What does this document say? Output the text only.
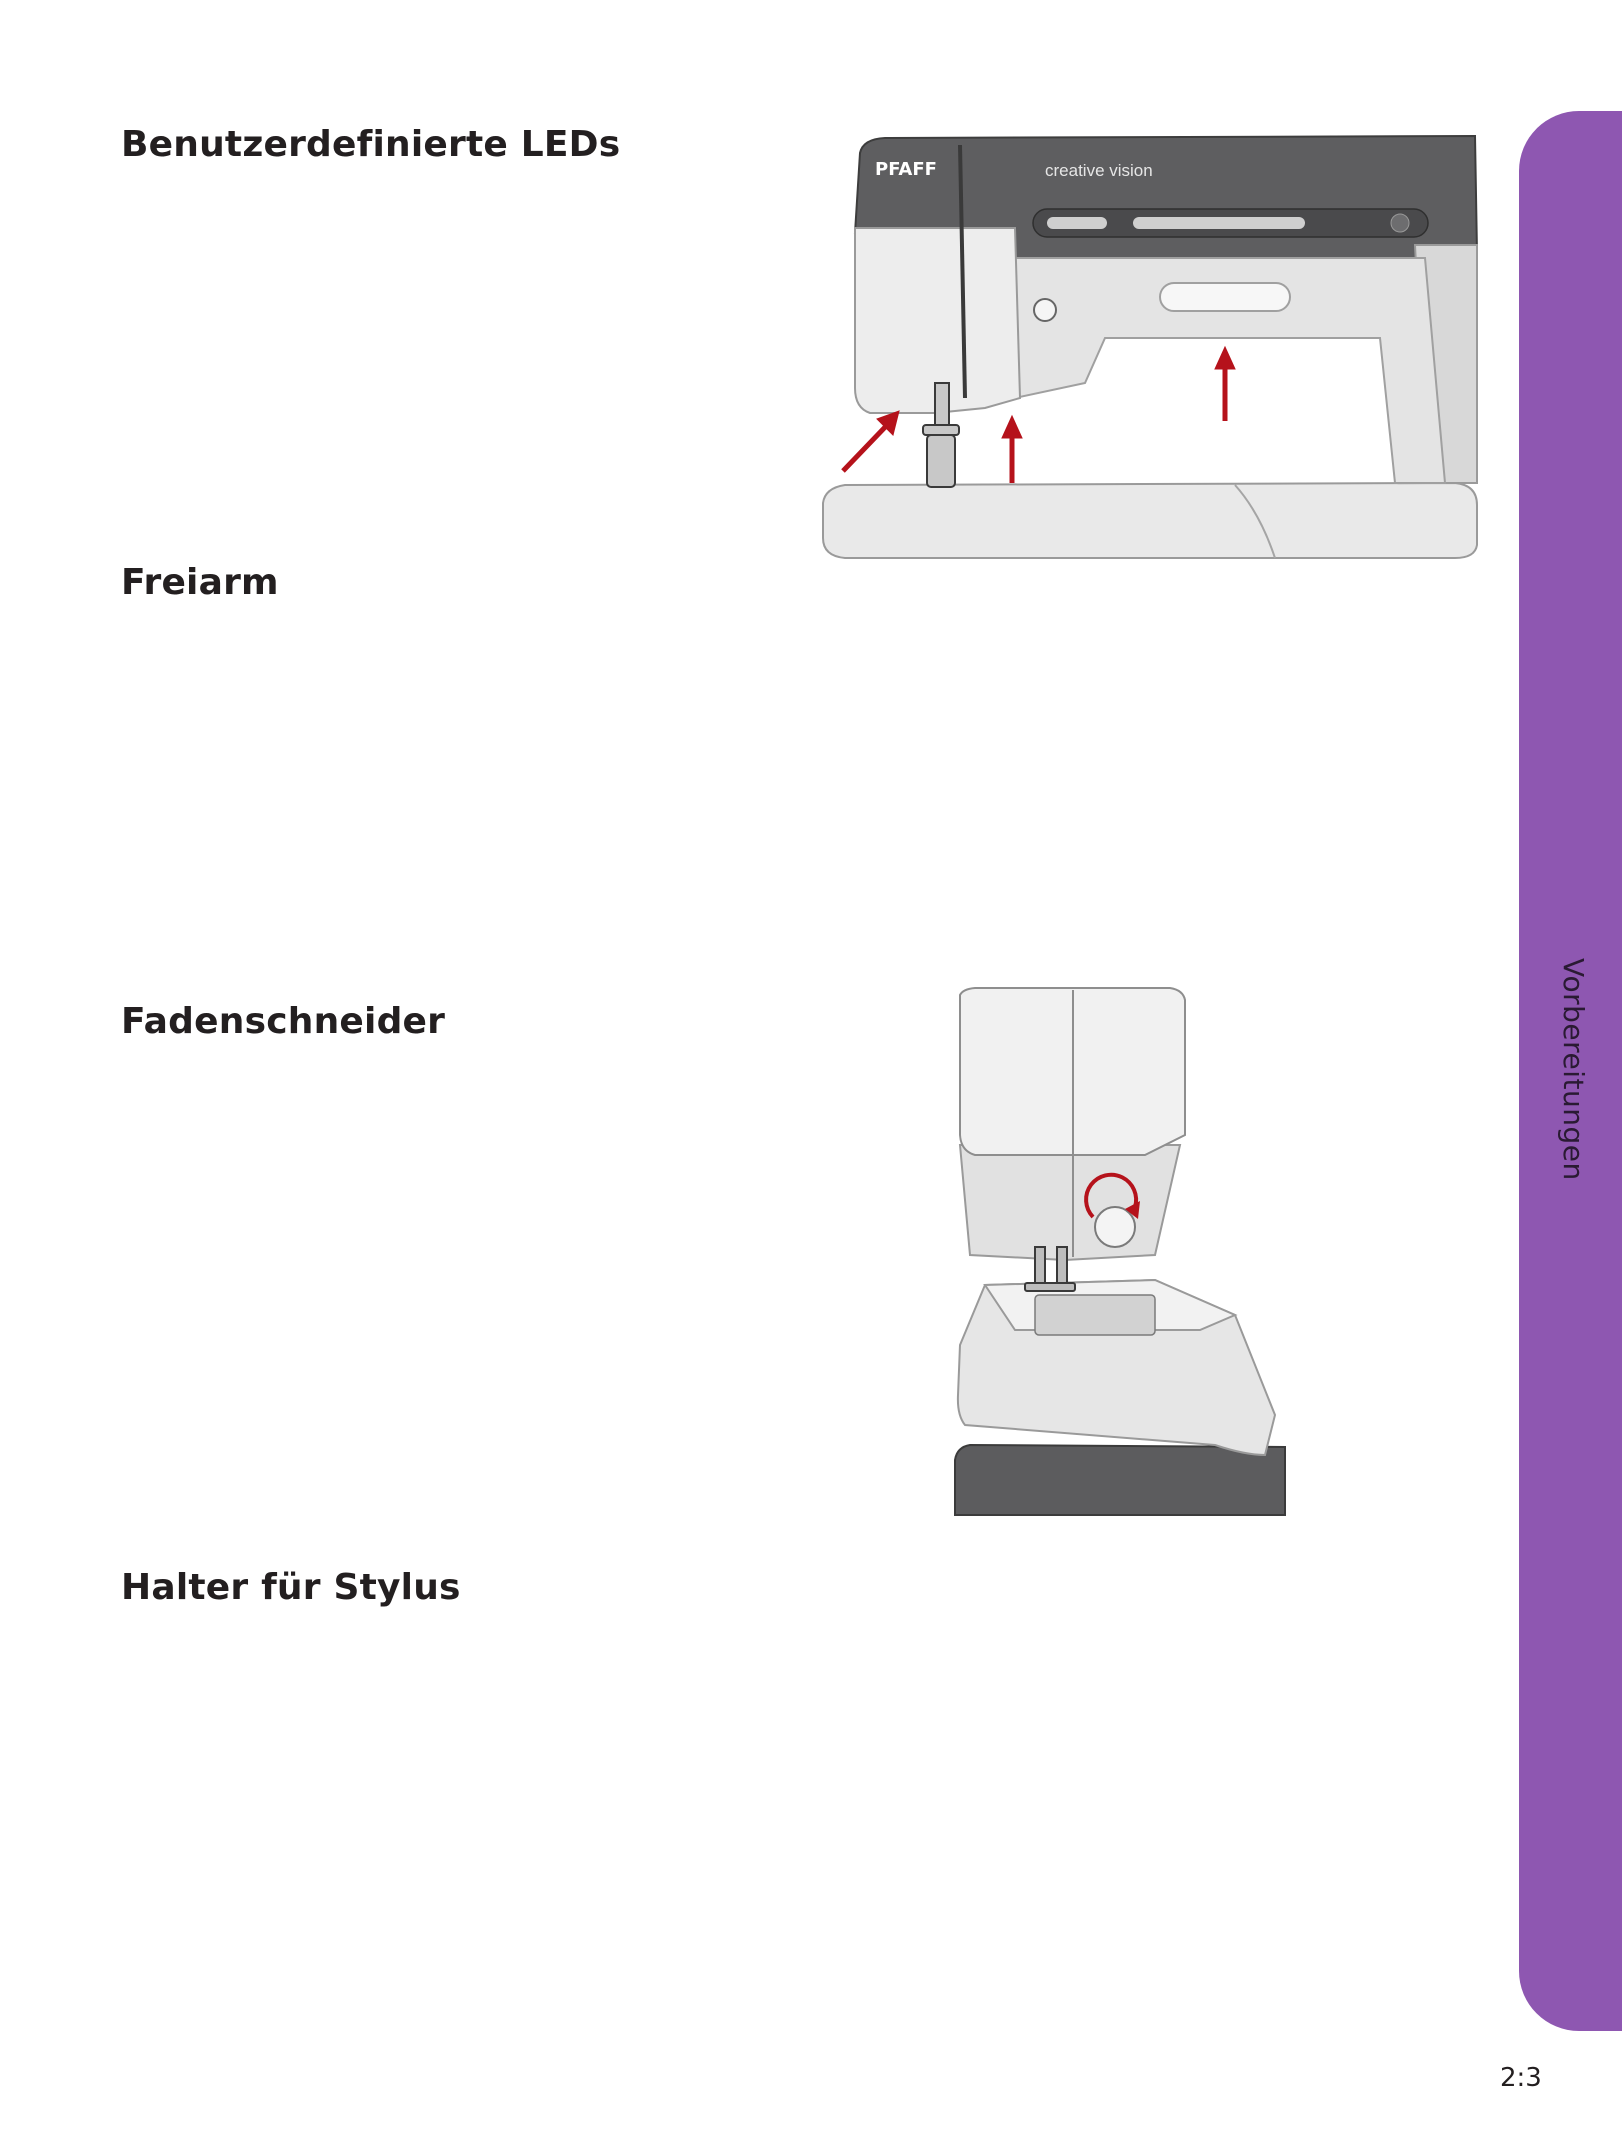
Benutzerdefinierte LEDs
Freiarm
Fadenschneider
Halter für Stylus
PFAFF	creative vision
Vorbereitungen
2:3
